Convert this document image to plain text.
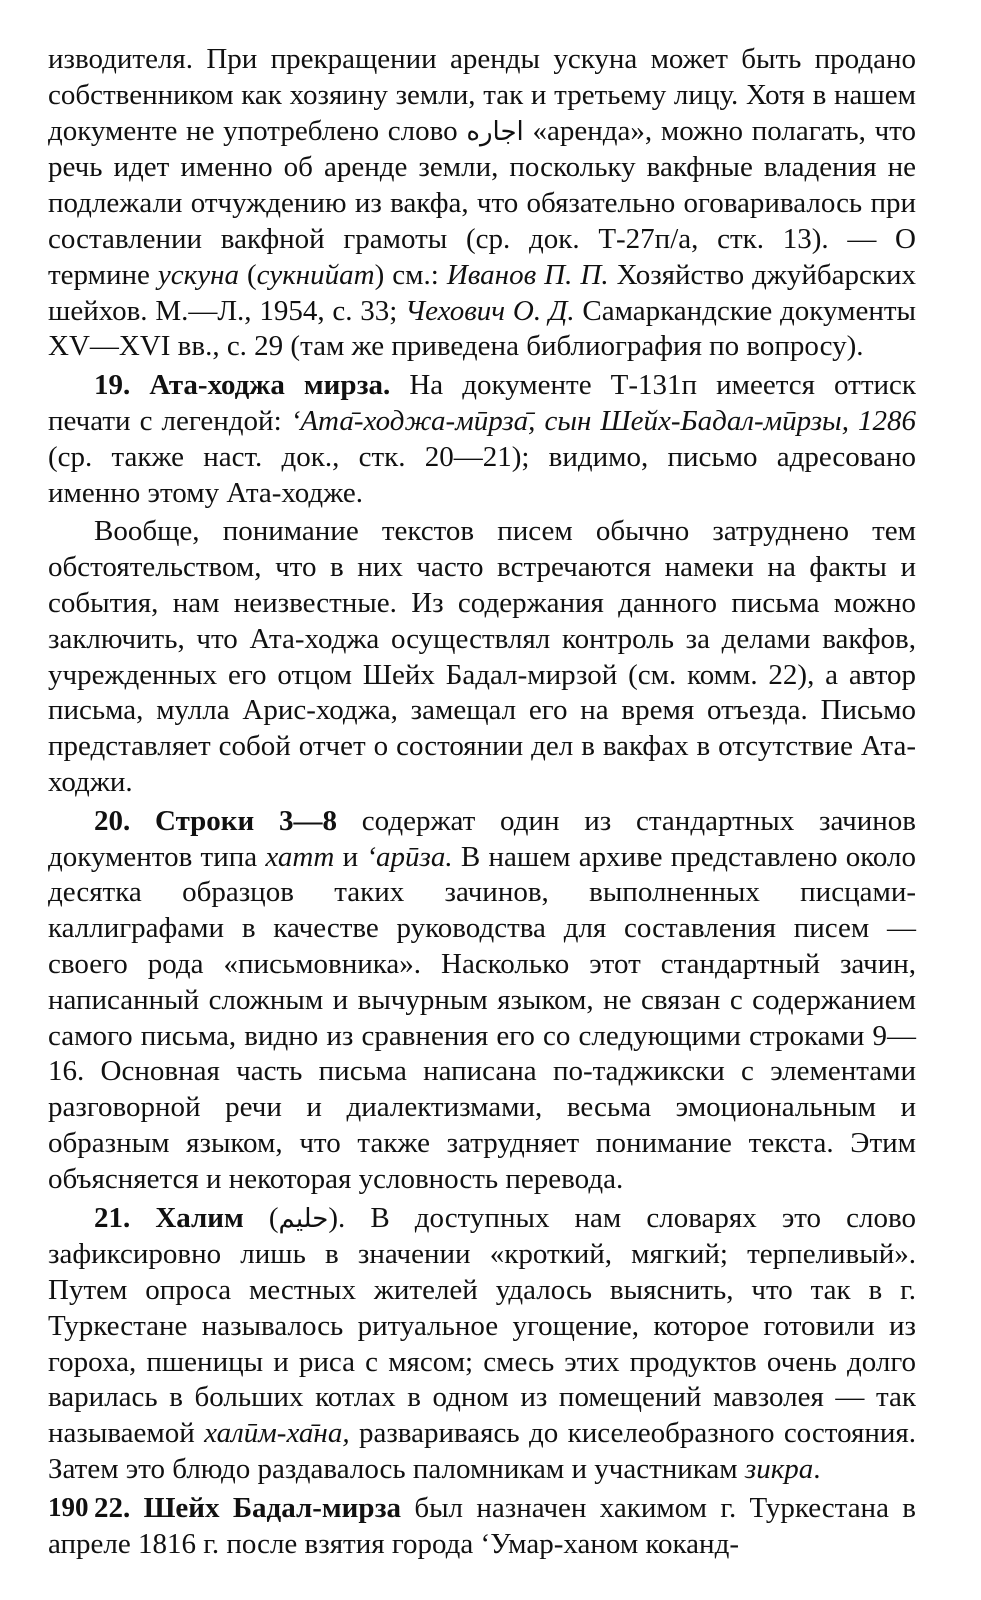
изводителя. При прекращении аренды ускуна может быть продано собственником как хозяину земли, так и третьему лицу. Хотя в нашем документе не употреблено слово اجاره «аренда», можно полагать, что речь идет именно об аренде земли, поскольку вакфные владения не подлежали отчуждению из вакфа, что обязательно оговаривалось при составлении вакфной грамоты (ср. док. Т-27п/а, стк. 13). — О термине ускуна (сукнийат) см.: Иванов П. П. Хозяйство джуйбарских шейхов. М.—Л., 1954, с. 33; Чехович О. Д. Самаркандские документы XV—XVI вв., с. 29 (там же приведена библиография по вопросу).

19. Ата-ходжа мирза. На документе Т-131п имеется оттиск печати с легендой: ʻАта̄-ходжа-мӣрза̄, сын Шейх-Бадал-мӣрзы, 1286 (ср. также наст. док., стк. 20—21); видимо, письмо адресовано именно этому Ата-ходже.

Вообще, понимание текстов писем обычно затруднено тем обстоятельством, что в них часто встречаются намеки на факты и события, нам неизвестные. Из содержания данного письма можно заключить, что Ата-ходжа осуществлял контроль за делами вакфов, учрежденных его отцом Шейх Бадал-мирзой (см. комм. 22), а автор письма, мулла Арис-ходжа, замещал его на время отъезда. Письмо представляет собой отчет о состоянии дел в вакфах в отсутствие Ата-ходжи.

20. Строки 3—8 содержат один из стандартных зачинов документов типа хатт и ʻарӣза. В нашем архиве представлено около десятка образцов таких зачинов, выполненных писцами-каллиграфами в качестве руководства для составления писем — своего рода «письмовника». Насколько этот стандартный зачин, написанный сложным и вычурным языком, не связан с содержанием самого письма, видно из сравнения его со следующими строками 9—16. Основная часть письма написана по-таджикски с элементами разговорной речи и диалектизмами, весьма эмоциональным и образным языком, что также затрудняет понимание текста. Этим объясняется и некоторая условность перевода.

21. Халим (حليم). В доступных нам словарях это слово зафиксировно лишь в значении «кроткий, мягкий; терпеливый». Путем опроса местных жителей удалось выяснить, что так в г. Туркестане называлось ритуальное угощение, которое готовили из гороха, пшеницы и риса с мясом; смесь этих продуктов очень долго варилась в больших котлах в одном из помещений мавзолея — так называемой халӣм-ха̄на, развариваясь до киселеобразного состояния. Затем это блюдо раздавалось паломникам и участникам зикра.

22. Шейх Бадал-мирза был назначен хакимом г. Туркестана в апреле 1816 г. после взятия города ʻУмар-ханом коканд-

190
